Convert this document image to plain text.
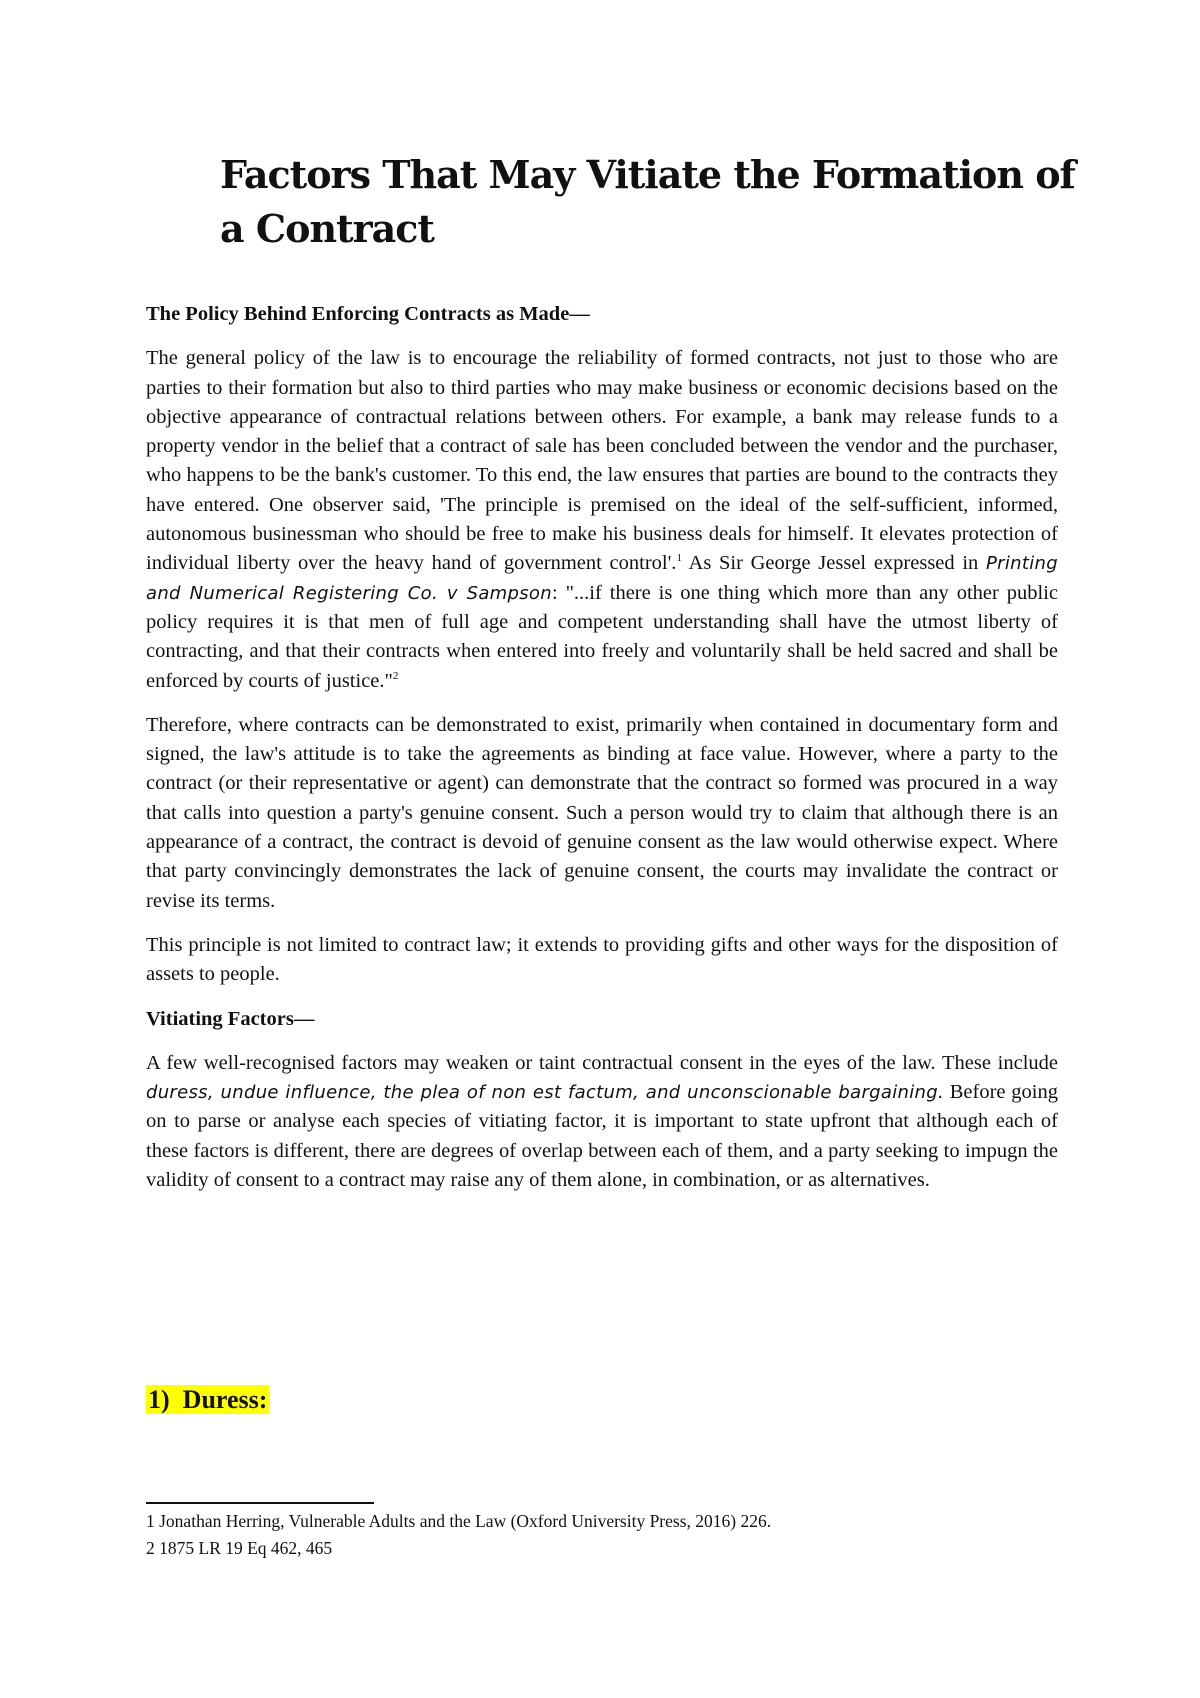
Factors That May Vitiate the Formation of a Contract

The Policy Behind Enforcing Contracts as Made—

The general policy of the law is to encourage the reliability of formed contracts, not just to those who are parties to their formation but also to third parties who may make business or economic decisions based on the objective appearance of contractual relations between others. For example, a bank may release funds to a property vendor in the belief that a contract of sale has been concluded between the vendor and the purchaser, who happens to be the bank's customer. To this end, the law ensures that parties are bound to the contracts they have entered. One observer said, 'The principle is premised on the ideal of the self-sufficient, informed, autonomous businessman who should be free to make his business deals for himself. It elevates protection of individual liberty over the heavy hand of government control'.$^1$ As Sir George Jessel expressed in Printing and Numerical Registering Co. v Sampson: "...if there is one thing which more than any other public policy requires it is that men of full age and competent understanding shall have the utmost liberty of contracting, and that their contracts when entered into freely and voluntarily shall be held sacred and shall be enforced by courts of justice."$^2$

Therefore, where contracts can be demonstrated to exist, primarily when contained in documentary form and signed, the law's attitude is to take the agreements as binding at face value. However, where a party to the contract (or their representative or agent) can demonstrate that the contract so formed was procured in a way that calls into question a party's genuine consent. Such a person would try to claim that although there is an appearance of a contract, the contract is devoid of genuine consent as the law would otherwise expect. Where that party convincingly demonstrates the lack of genuine consent, the courts may invalidate the contract or revise its terms.

This principle is not limited to contract law; it extends to providing gifts and other ways for the disposition of assets to people.

Vitiating Factors—

A few well-recognised factors may weaken or taint contractual consent in the eyes of the law. These include duress, undue influence, the plea of non est factum, and unconscionable bargaining. Before going on to parse or analyse each species of vitiating factor, it is important to state upfront that although each of these factors is different, there are degrees of overlap between each of them, and a party seeking to impugn the validity of consent to a contract may raise any of them alone, in combination, or as alternatives.

1) Duress:
1 Jonathan Herring, Vulnerable Adults and the Law (Oxford University Press, 2016) 226.
2 1875 LR 19 Eq 462, 465
